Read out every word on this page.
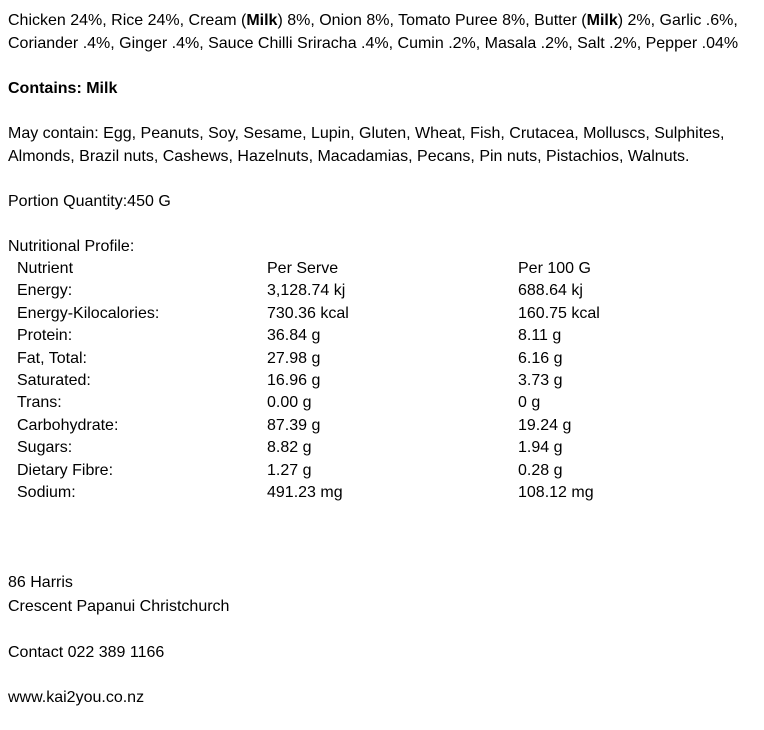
Chicken 24%, Rice 24%, Cream (Milk) 8%, Onion 8%, Tomato Puree 8%, Butter (Milk) 2%, Garlic .6%,
Coriander .4%, Ginger .4%, Sauce Chilli Sriracha .4%, Cumin .2%, Masala .2%, Salt .2%, Pepper .04%

Contains: Milk

May contain: Egg, Peanuts, Soy, Sesame, Lupin, Gluten, Wheat, Fish, Crutacea, Molluscs, Sulphites,
Almonds, Brazil nuts, Cashews, Hazelnuts, Macadamias, Pecans, Pin nuts, Pistachios, Walnuts.

Portion Quantity:450 G

Nutritional Profile:

Nutrient	Per Serve	Per 100 G
Energy:	3,128.74 kj	688.64 kj
Energy-Kilocalories:	730.36 kcal	160.75 kcal
Protein:	36.84 g	8.11 g
Fat, Total:	27.98 g	6.16 g
Saturated:	16.96 g	3.73 g
Trans:	0.00 g	0 g
Carbohydrate:	87.39 g	19.24 g
Sugars:	8.82 g	1.94 g
Dietary Fibre:	1.27 g	0.28 g
Sodium:	491.23 mg	108.12 mg

86 Harris

Crescent Papanui Christchurch

Contact 022 389 1166

www.kai2you.co.nz
